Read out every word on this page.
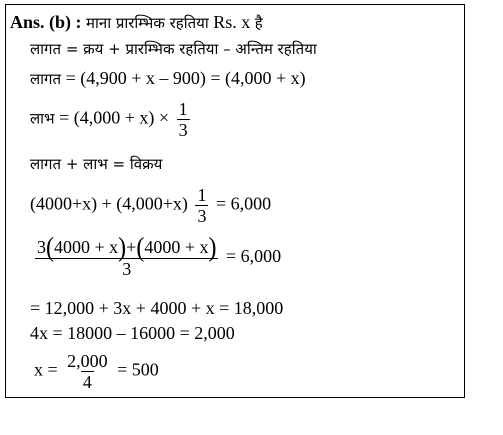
Ans. (b) : माना प्रारम्भिक रहतिया Rs. x है
लागत = क्रय + प्रारम्भिक रहतिया – अन्तिम रहतिया
लागत = (4,900 + x – 900) = (4,000 + x)
लाभ = $(4,000 + x) \times \frac{1}{3}$
लागत + लाभ = विक्रय
$(4000+x) + (4,000+x) \frac{1}{3} = 6,000$
$\frac{3(4000 + x)+(4000 + x)}{3} = 6,000$
= 12,000 + 3x + 4000 + x = 18,000
4x = 18000 – 16000 = 2,000
$x = \frac{2,000}{4} = 500$
